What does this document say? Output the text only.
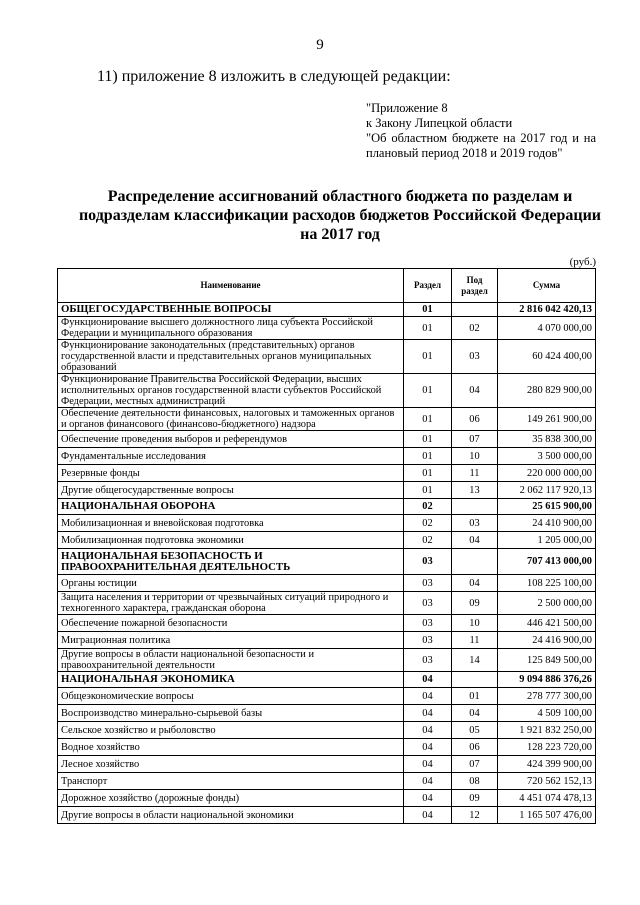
9
11) приложение 8 изложить в следующей редакции:
"Приложение 8
к Закону Липецкой области
"Об областном бюджете на 2017 год и на
плановый период 2018 и 2019 годов"
Распределение ассигнований областного бюджета по разделам и
подразделам классификации расходов бюджетов Российской Федерации
на 2017 год
(руб.)
Наименование	Раздел	Под раздел	Сумма
ОБЩЕГОСУДАРСТВЕННЫЕ ВОПРОСЫ	01		2 816 042 420,13
Функционирование высшего должностного лица субъекта Российской Федерации и муниципального образования	01	02	4 070 000,00
Функционирование законодательных (представительных) органов государственной власти и представительных органов муниципальных образований	01	03	60 424 400,00
Функционирование Правительства Российской Федерации, высших исполнительных органов государственной власти субъектов Российской Федерации, местных администраций	01	04	280 829 900,00
Обеспечение деятельности финансовых, налоговых и таможенных органов и органов финансового (финансово-бюджетного) надзора	01	06	149 261 900,00
Обеспечение проведения выборов и референдумов	01	07	35 838 300,00
Фундаментальные исследования	01	10	3 500 000,00
Резервные фонды	01	11	220 000 000,00
Другие общегосударственные вопросы	01	13	2 062 117 920,13
НАЦИОНАЛЬНАЯ ОБОРОНА	02		25 615 900,00
Мобилизационная и вневойсковая подготовка	02	03	24 410 900,00
Мобилизационная подготовка экономики	02	04	1 205 000,00
НАЦИОНАЛЬНАЯ БЕЗОПАСНОСТЬ И ПРАВООХРАНИТЕЛЬНАЯ ДЕЯТЕЛЬНОСТЬ	03		707 413 000,00
Органы юстиции	03	04	108 225 100,00
Защита населения и территории от чрезвычайных ситуаций природного и техногенного характера, гражданская оборона	03	09	2 500 000,00
Обеспечение пожарной безопасности	03	10	446 421 500,00
Миграционная политика	03	11	24 416 900,00
Другие вопросы в области национальной безопасности и правоохранительной деятельности	03	14	125 849 500,00
НАЦИОНАЛЬНАЯ ЭКОНОМИКА	04		9 094 886 376,26
Общеэкономические вопросы	04	01	278 777 300,00
Воспроизводство минерально-сырьевой базы	04	04	4 509 100,00
Сельское хозяйство и рыболовство	04	05	1 921 832 250,00
Водное хозяйство	04	06	128 223 720,00
Лесное хозяйство	04	07	424 399 900,00
Транспорт	04	08	720 562 152,13
Дорожное хозяйство (дорожные фонды)	04	09	4 451 074 478,13
Другие вопросы в области национальной экономики	04	12	1 165 507 476,00
